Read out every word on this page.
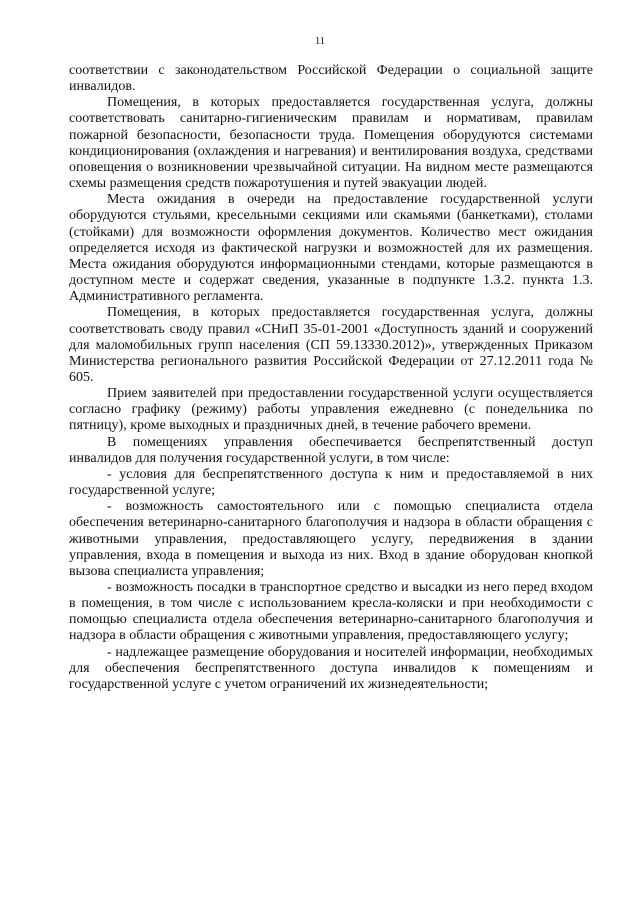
11

соответствии с законодательством Российской Федерации о социальной защите инвалидов.

Помещения, в которых предоставляется государственная услуга, должны соответствовать санитарно-гигиеническим правилам и нормативам, правилам пожарной безопасности, безопасности труда. Помещения оборудуются системами кондиционирования (охлаждения и нагревания) и вентилирования воздуха, средствами оповещения о возникновении чрезвычайной ситуации. На видном месте размещаются схемы размещения средств пожаротушения и путей эвакуации людей.

Места ожидания в очереди на предоставление государственной услуги оборудуются стульями, кресельными секциями или скамьями (банкетками), столами (стойками) для возможности оформления документов. Количество мест ожидания определяется исходя из фактической нагрузки и возможностей для их размещения. Места ожидания оборудуются информационными стендами, которые размещаются в доступном месте и содержат сведения, указанные в подпункте 1.3.2. пункта 1.3. Административного регламента.

Помещения, в которых предоставляется государственная услуга, должны соответствовать своду правил «СНиП 35-01-2001 «Доступность зданий и сооружений для маломобильных групп населения (СП 59.13330.2012)», утвержденных Приказом Министерства регионального развития Российской Федерации от 27.12.2011 года № 605.

Прием заявителей при предоставлении государственной услуги осуществляется согласно графику (режиму) работы управления ежедневно (с понедельника по пятницу), кроме выходных и праздничных дней, в течение рабочего времени.

В помещениях управления обеспечивается беспрепятственный доступ инвалидов для получения государственной услуги, в том числе:

- условия для беспрепятственного доступа к ним и предоставляемой в них государственной услуге;

- возможность самостоятельного или с помощью специалиста отдела обеспечения ветеринарно-санитарного благополучия и надзора в области обращения с животными управления, предоставляющего услугу, передвижения в здании управления, входа в помещения и выхода из них. Вход в здание оборудован кнопкой вызова специалиста управления;

- возможность посадки в транспортное средство и высадки из него перед входом в помещения, в том числе с использованием кресла-коляски и при необходимости с помощью специалиста отдела обеспечения ветеринарно-санитарного благополучия и надзора в области обращения с животными управления, предоставляющего услугу;

- надлежащее размещение оборудования и носителей информации, необходимых для обеспечения беспрепятственного доступа инвалидов к помещениям и государственной услуге с учетом ограничений их жизнедеятельности;
